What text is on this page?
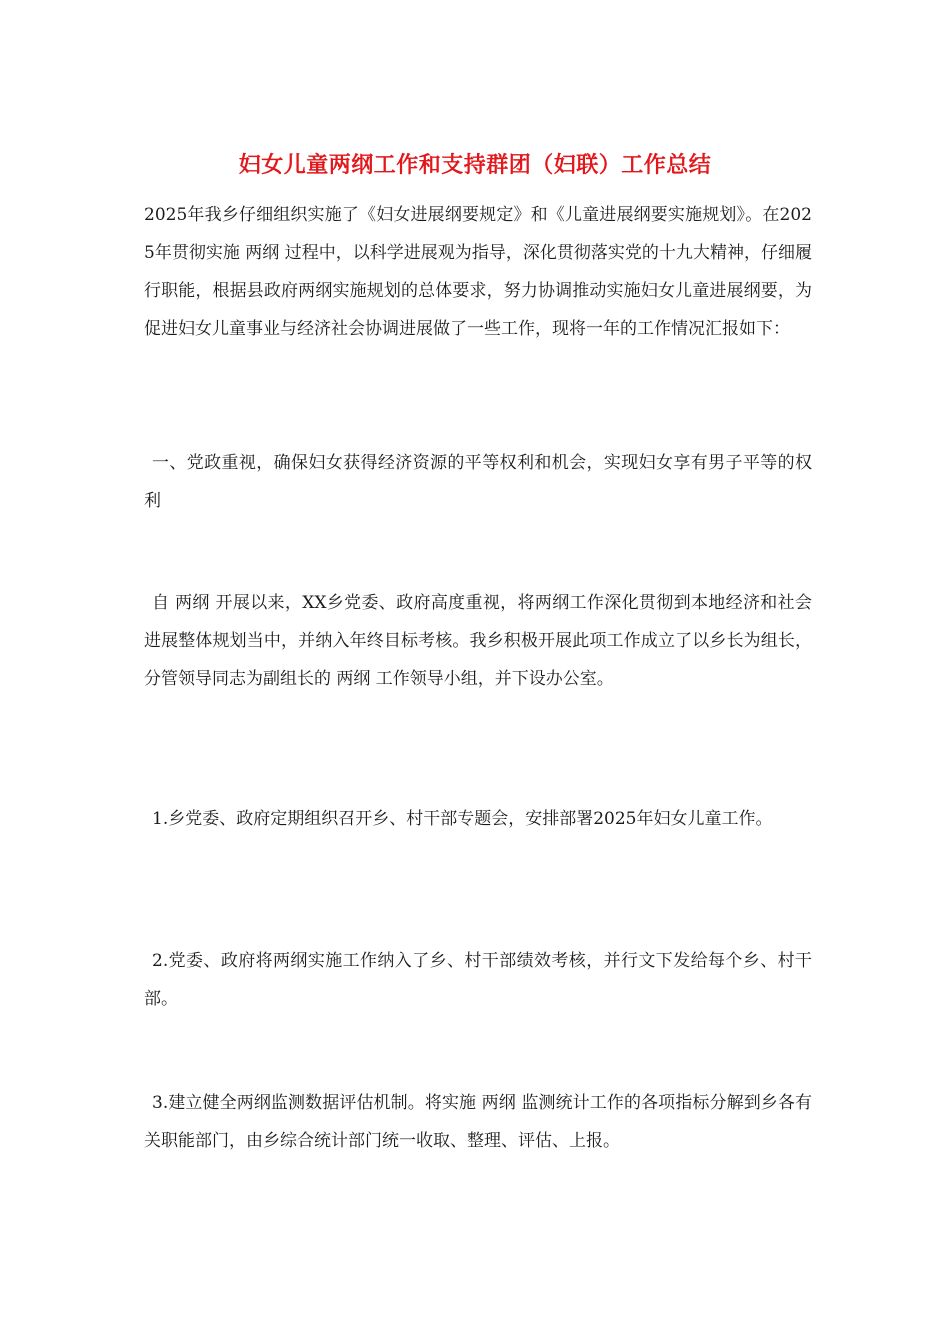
妇女儿童两纲工作和支持群团（妇联）工作总结
2025年我乡仔细组织实施了《妇女进展纲要规定》和《儿童进展纲要实施规划》。在2025年贯彻实施 两纲 过程中，以科学进展观为指导，深化贯彻落实党的十九大精神，仔细履行职能，根据县政府两纲实施规划的总体要求，努力协调推动实施妇女儿童进展纲要，为促进妇女儿童事业与经济社会协调进展做了一些工作，现将一年的工作情况汇报如下：
一、党政重视，确保妇女获得经济资源的平等权利和机会，实现妇女享有男子平等的权利
自 两纲 开展以来，XX乡党委、政府高度重视，将两纲工作深化贯彻到本地经济和社会进展整体规划当中，并纳入年终目标考核。我乡积极开展此项工作成立了以乡长为组长，分管领导同志为副组长的 两纲 工作领导小组，并下设办公室。
1.乡党委、政府定期组织召开乡、村干部专题会，安排部署2025年妇女儿童工作。
2.党委、政府将两纲实施工作纳入了乡、村干部绩效考核，并行文下发给每个乡、村干部。
3.建立健全两纲监测数据评估机制。将实施 两纲 监测统计工作的各项指标分解到乡各有关职能部门，由乡综合统计部门统一收取、整理、评估、上报。
